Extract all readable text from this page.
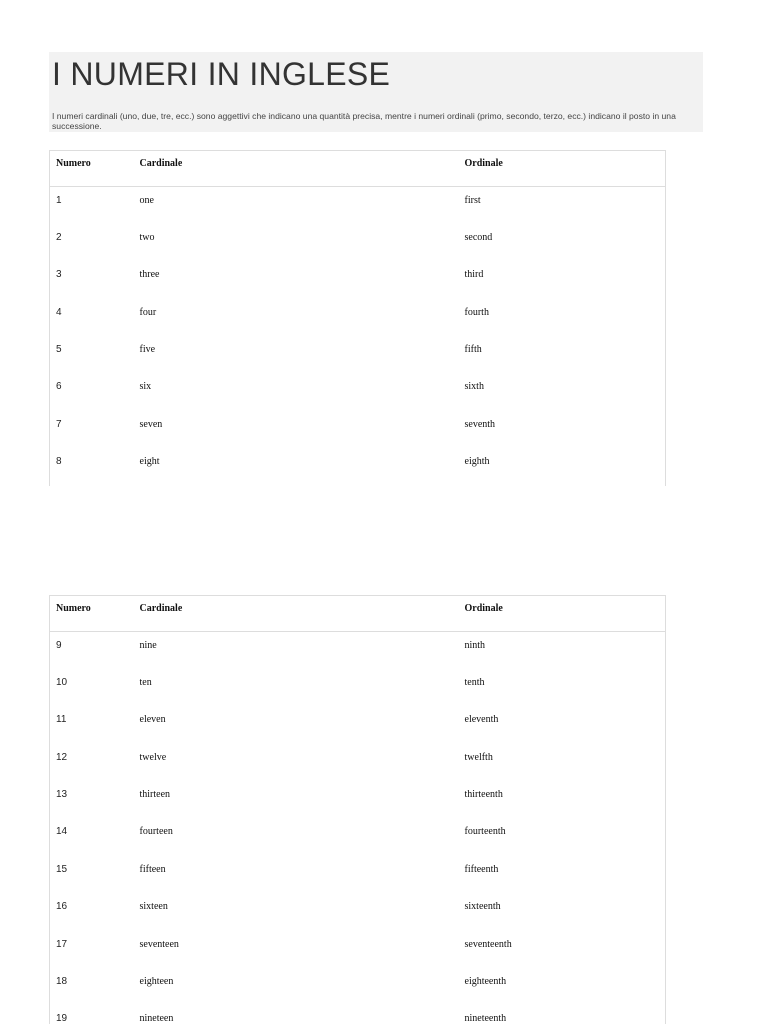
I NUMERI IN INGLESE

I numeri cardinali (uno, due, tre, ecc.) sono aggettivi che indicano una quantità precisa, mentre i numeri ordinali (primo, secondo, terzo, ecc.) indicano il posto in una successione.

Numero	Cardinale	Ordinale
1	one	first
2	two	second
3	three	third
4	four	fourth
5	five	fifth
6	six	sixth
7	seven	seventh
8	eight	eighth
Numero	Cardinale	Ordinale
9	nine	ninth
10	ten	tenth
11	eleven	eleventh
12	twelve	twelfth
13	thirteen	thirteenth
14	fourteen	fourteenth
15	fifteen	fifteenth
16	sixteen	sixteenth
17	seventeen	seventeenth
18	eighteen	eighteenth
19	nineteen	nineteenth
